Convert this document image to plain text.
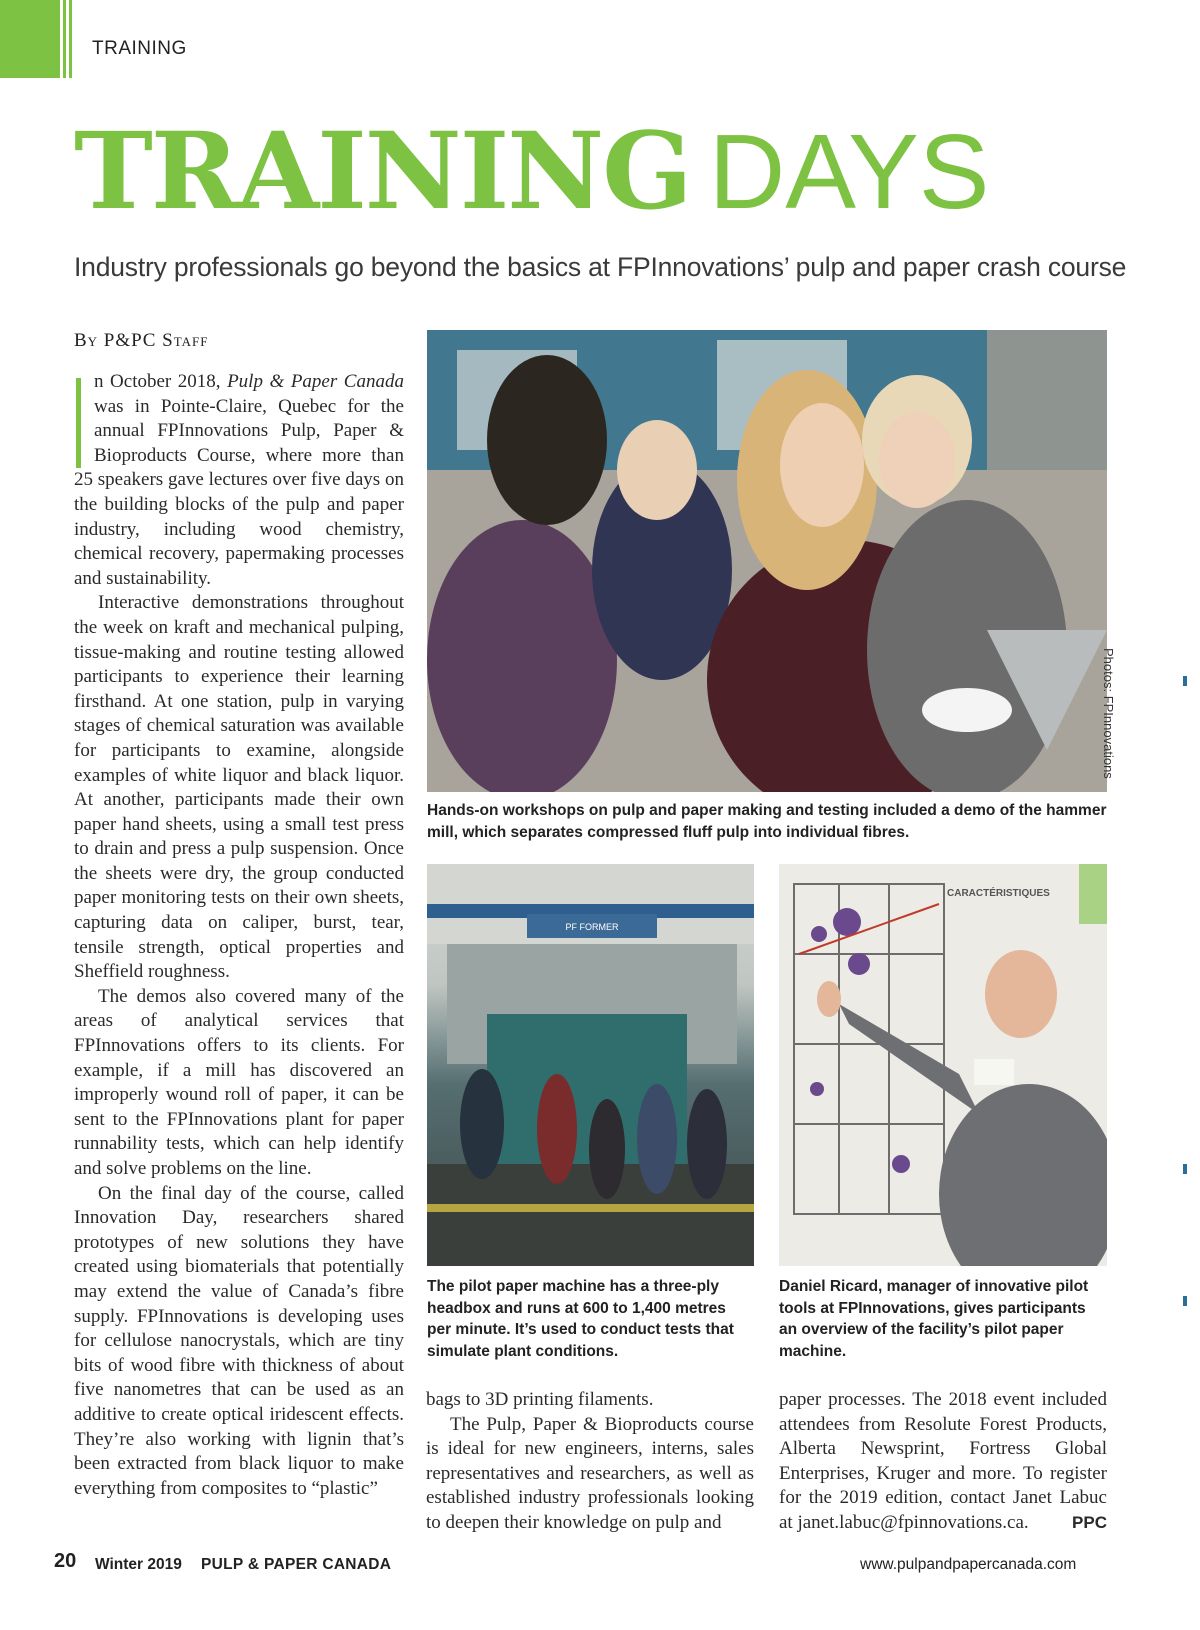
TRAINING
TRAINING DAYS
Industry professionals go beyond the basics at FPInnovations’ pulp and paper crash course
By P&PC Staff

n October 2018, Pulp & Paper Canada was in Pointe-Claire, Quebec for the annual FPInnovations Pulp, Paper & Bioproducts Course, where more than 25 speakers gave lectures over five days on the building blocks of the pulp and paper industry, including wood chemistry, chemical recovery, papermaking processes and sustainability.

Interactive demonstrations throughout the week on kraft and mechanical pulping, tissue-making and routine testing allowed participants to experience their learning firsthand. At one station, pulp in varying stages of chemical saturation was available for participants to examine, alongside examples of white liquor and black liquor. At another, participants made their own paper hand sheets, using a small test press to drain and press a pulp suspension. Once the sheets were dry, the group conducted paper monitoring tests on their own sheets, capturing data on caliper, burst, tear, tensile strength, optical properties and Sheffield roughness.

The demos also covered many of the areas of analytical services that FPInnovations offers to its clients. For example, if a mill has discovered an improperly wound roll of paper, it can be sent to the FPInnovations plant for paper runnability tests, which can help identify and solve problems on the line.

On the final day of the course, called Innovation Day, researchers shared prototypes of new solutions they have created using biomaterials that potentially may extend the value of Canada’s fibre supply. FPInnovations is developing uses for cellulose nanocrystals, which are tiny bits of wood fibre with thickness of about five nanometres that can be used as an additive to create optical iridescent effects. They’re also working with lignin that’s been extracted from black liquor to make everything from composites to “plastic”

Photos: FPInnovations
Hands-on workshops on pulp and paper making and testing included a demo of the hammer mill, which separates compressed fluff pulp into individual fibres.
PF FORMER
The pilot paper machine has a three-ply headbox and runs at 600 to 1,400 metres per minute. It’s used to conduct tests that simulate plant conditions.
CARACTÉRISTIQUES
Daniel Ricard, manager of innovative pilot tools at FPInnovations, gives participants an overview of the facility’s pilot paper machine.

bags to 3D printing filaments.

The Pulp, Paper & Bioproducts course is ideal for new engineers, interns, sales representatives and researchers, as well as established industry professionals looking to deepen their knowledge on pulp and

paper processes. The 2018 event included attendees from Resolute Forest Products, Alberta Newsprint, Fortress Global Enterprises, Kruger and more. To register for the 2019 edition, contact Janet Labuc at janet.labuc@fpinnovations.ca.	PPC

20 Winter 2019 PULP & PAPER CANADA	www.pulpandpapercanada.com
